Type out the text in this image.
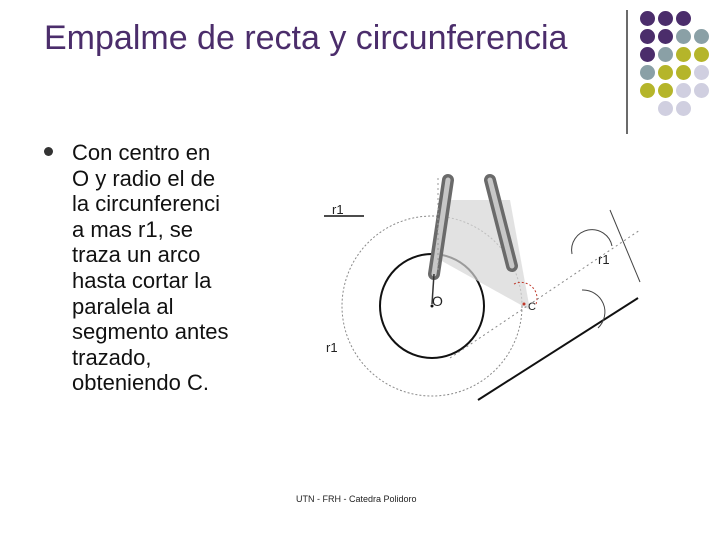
Empalme de recta y circunferencia
Con centro en O y radio el de la circunferenci a mas r1, se traza un arco hasta cortar la paralela al segmento antes trazado, obteniendo C.
r1
r1
r1
O	C
UTN - FRH - Catedra Polidoro
